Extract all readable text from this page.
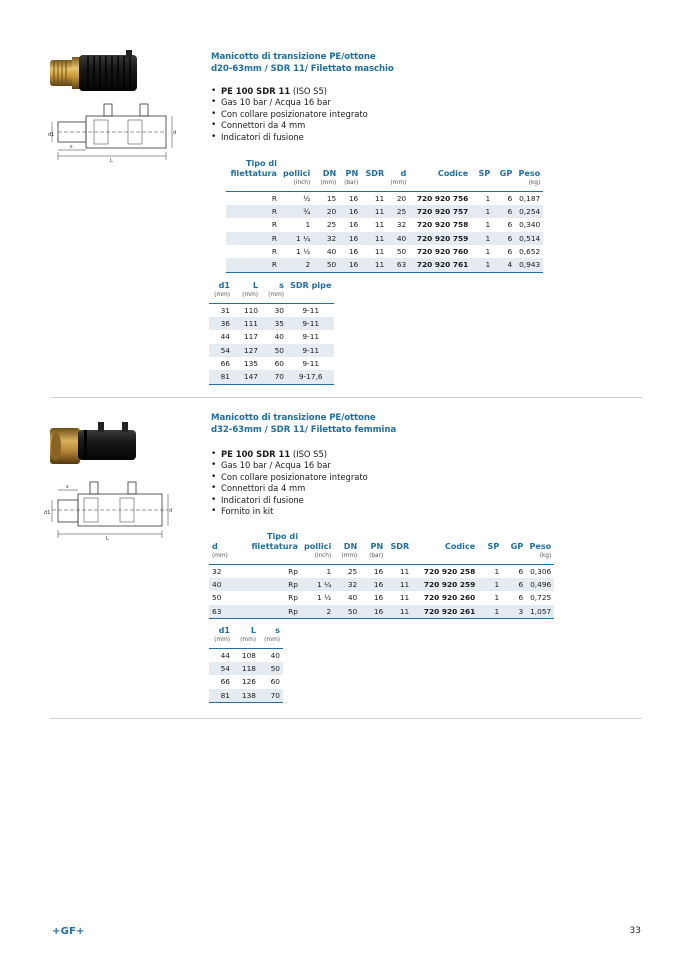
d1
L
s
d
Manicotto di transizione PE/ottone
d20-63mm / SDR 11/ Filettato maschio
• PE 100 SDR 11 (ISO S5)
• Gas 10 bar / Acqua 16 bar
• Con collare posizionatore integrato
• Connettori da 4 mm
• Indicatori di fusione
Tipo di
filettatura	pollici	DN	PN	SDR	d	Codice	SP	GP	Peso
	(inch)	(mm)	(bar)		(mm)				(kg)
R	½	15	16	11	20	720 920 756	1	6	0,187
R	¾	20	16	11	25	720 920 757	1	6	0,254
R	1	25	16	11	32	720 920 758	1	6	0,340
R	1 ¼	32	16	11	40	720 920 759	1	6	0,514
R	1 ½	40	16	11	50	720 920 760	1	6	0,652
R	2	50	16	11	63	720 920 761	1	4	0,943
d1	L	s	SDR pipe
(mm)	(mm)	(mm)	
31	110	30	9-11
36	111	35	9-11
44	117	40	9-11
54	127	50	9-11
66	135	60	9-11
81	147	70	9-17,6
d1
L
s
d
Manicotto di transizione PE/ottone
d32-63mm / SDR 11/ Filettato femmina
• PE 100 SDR 11 (ISO S5)
• Gas 10 bar / Acqua 16 bar
• Con collare posizionatore integrato
• Connettori da 4 mm
• Indicatori di fusione
• Fornito in kit
d	Tipo di
filettatura	pollici	DN	PN	SDR	Codice	SP	GP	Peso
(mm)		(inch)	(mm)	(bar)					(kg)
32	Rp	1	25	16	11	720 920 258	1	6	0,306
40	Rp	1 ¼	32	16	11	720 920 259	1	6	0,496
50	Rp	1 ½	40	16	11	720 920 260	1	6	0,725
63	Rp	2	50	16	11	720 920 261	1	3	1,057
d1	L	s
(mm)	(mm)	(mm)
44	108	40
54	118	50
66	126	60
81	138	70
+GF+	33
